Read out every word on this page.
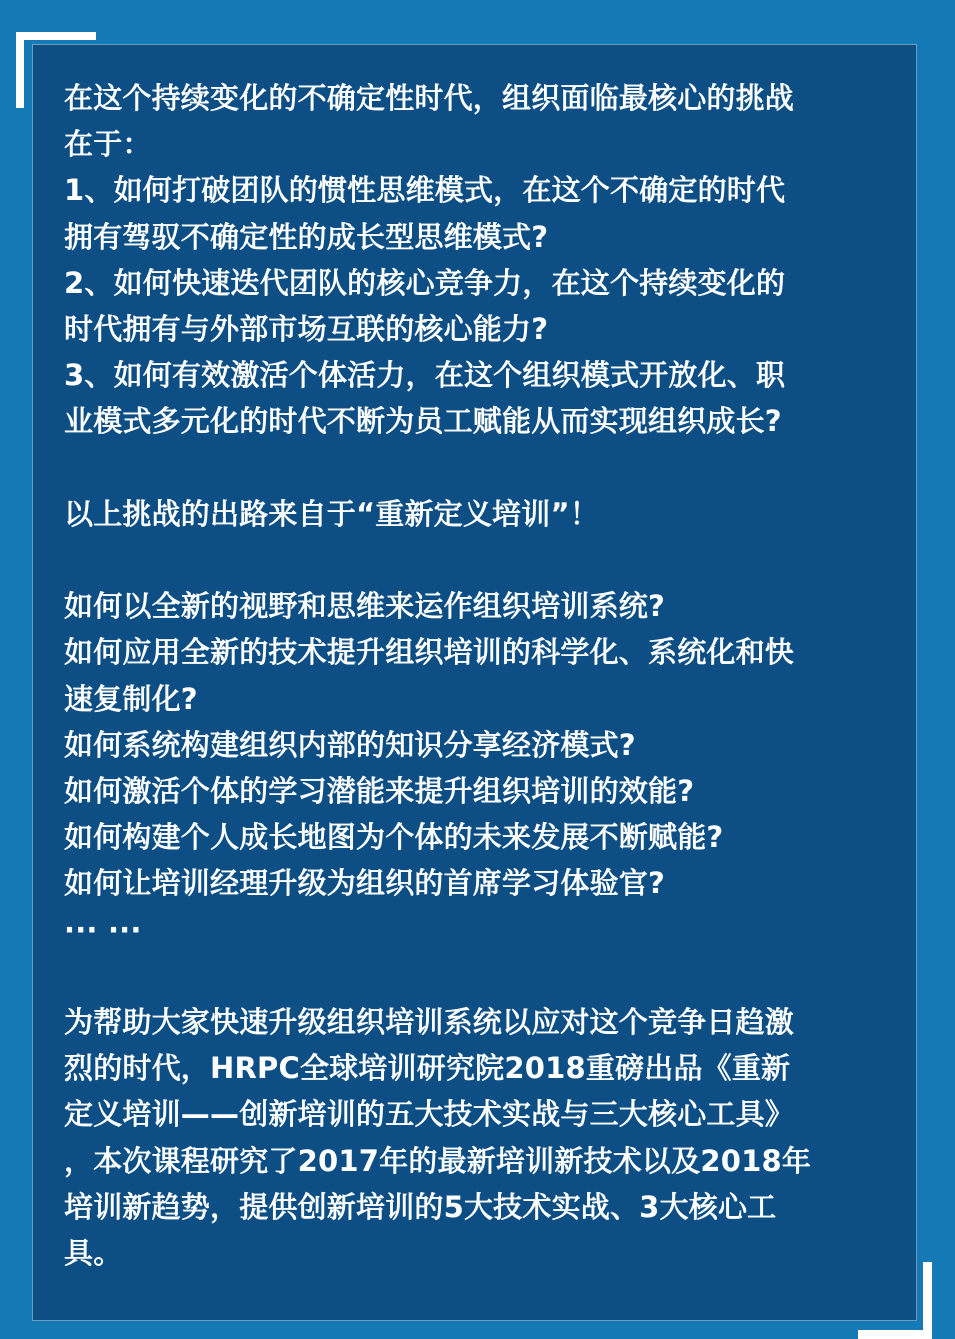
在这个持续变化的不确定性时代，组织面临最核心的挑战

在于：

1、如何打破团队的惯性思维模式，在这个不确定的时代

拥有驾驭不确定性的成长型思维模式?

2、如何快速迭代团队的核心竞争力，在这个持续变化的

时代拥有与外部市场互联的核心能力?

3、如何有效激活个体活力，在这个组织模式开放化、职

业模式多元化的时代不断为员工赋能从而实现组织成长?

以上挑战的出路来自于“重新定义培训”！

如何以全新的视野和思维来运作组织培训系统?

如何应用全新的技术提升组织培训的科学化、系统化和快

速复制化?

如何系统构建组织内部的知识分享经济模式?

如何激活个体的学习潜能来提升组织培训的效能?

如何构建个人成长地图为个体的未来发展不断赋能?

如何让培训经理升级为组织的首席学习体验官?

··· ···

为帮助大家快速升级组织培训系统以应对这个竞争日趋激

烈的时代，HRPC全球培训研究院2018重磅出品《重新

定义培训——创新培训的五大技术实战与三大核心工具》

，本次课程研究了2017年的最新培训新技术以及2018年

培训新趋势，提供创新培训的5大技术实战、3大核心工

具。
